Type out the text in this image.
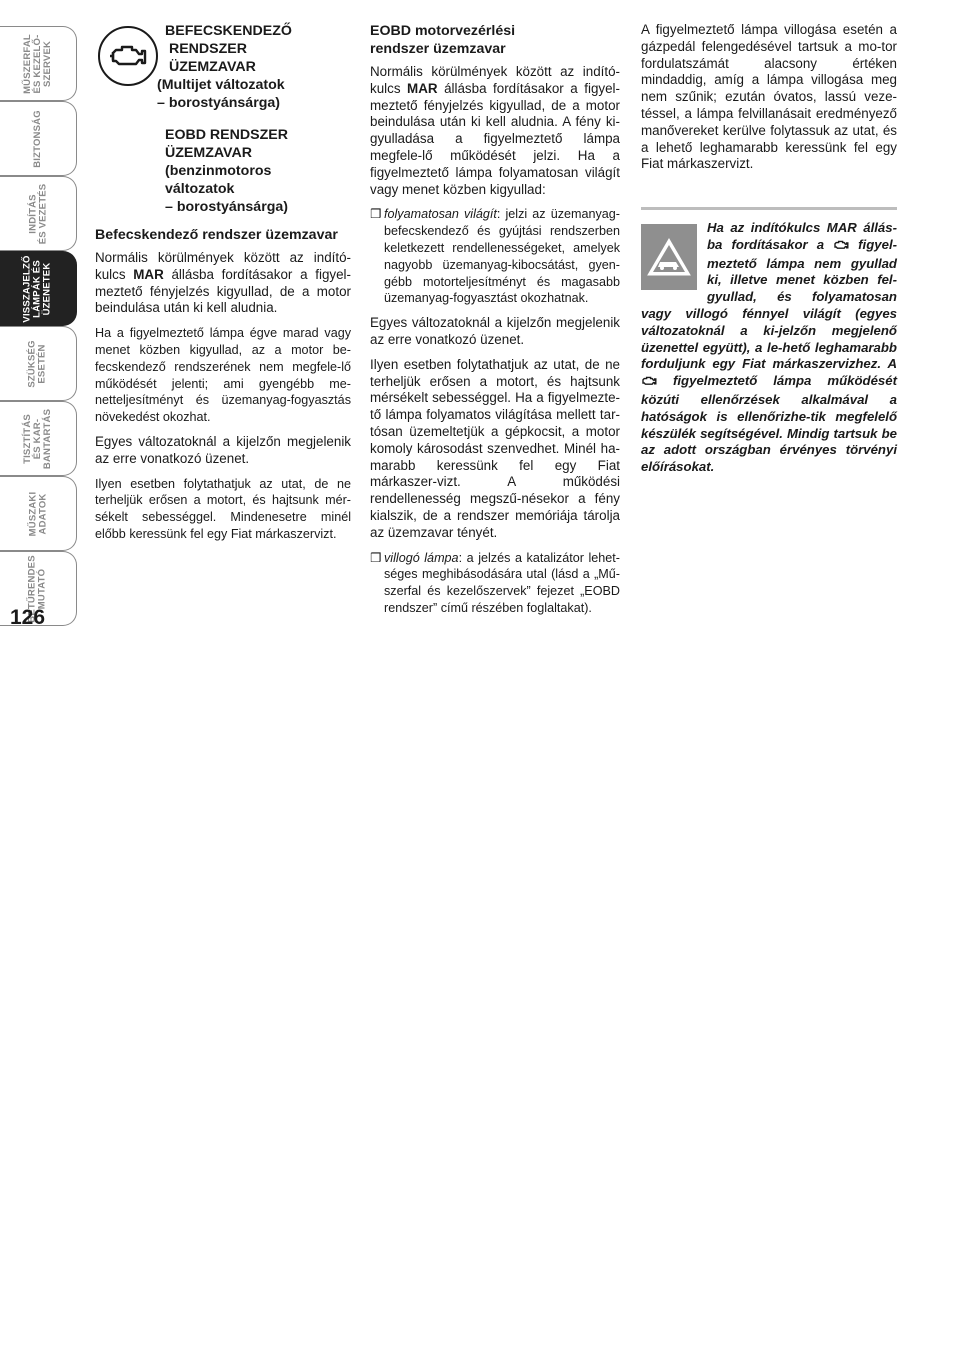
MŰSZERFAL
ÉS KEZELŐ-
SZERVEK
BIZTONSÁG
INDÍTÁS
ÉS VEZETÉS
VISSZAJELZŐ
LÁMPÁK ÉS
ÜZENETEK
SZÜKSÉG
ESETÉN
TISZTÍTÁS
ÉS KAR-
BANTARTÁS
MŰSZAKI
ADATOK
BETŰRENDES
MUTATÓ
126
BEFECSKENDEZŐ
RENDSZER
ÜZEMZAVAR
(Multijet változatok
– borostyánsárga)
EOBD RENDSZER
ÜZEMZAVAR
(benzinmotoros
változatok
– borostyánsárga)
Befecskendező rendszer üzemzavar

Normális körülmények között az indító-kulcs MAR állásba fordításakor a figyel-meztető fényjelzés kigyullad, de a motor beindulása után ki kell aludnia.

Ha a figyelmeztető lámpa égve marad vagy menet közben kigyullad, az a motor be-fecskendező rendszerének nem megfele-lő működését jelenti; ami gyengébb me-netteljesítményt és üzemanyag-fogyasztás növekedést okozhat.

Egyes változatoknál a kijelzőn megjelenik az erre vonatkozó üzenet.

Ilyen esetben folytathatjuk az utat, de ne terheljük erősen a motort, és hajtsunk mér-sékelt sebességgel. Mindenesetre minél előbb keressünk fel egy Fiat márkaszervizt.

EOBD motorvezérlési
rendszer üzemzavar

Normális körülmények között az indító-kulcs MAR állásba fordításakor a figyel-meztető fényjelzés kigyullad, de a motor beindulása után ki kell aludnia. A fény ki-gyulladása a figyelmeztető lámpa megfele-lő működését jelzi. Ha a figyelmeztető lámpa folyamatosan világít vagy menet közben kigyullad:

❒ folyamatosan világít: jelzi az üzemanyag-befecskendező és gyújtási rendszerben keletkezett rendellenességeket, amelyek nagyobb üzemanyag-kibocsátást, gyen-gébb motorteljesítményt és magasabb üzemanyag-fogyasztást okozhatnak.

Egyes változatoknál a kijelzőn megjelenik az erre vonatkozó üzenet.

Ilyen esetben folytathatjuk az utat, de ne terheljük erősen a motort, és hajtsunk mérsékelt sebességgel. Ha a figyelmezte-tő lámpa folyamatos világítása mellett tar-tósan üzemeltetjük a gépkocsit, a motor komoly károsodást szenvedhet. Minél ha-marabb keressünk fel egy Fiat márkaszer-vizt. A működési rendellenesség megszű-nésekor a fény kialszik, de a rendszer memóriája tárolja az üzemzavar tényét.

❒ villogó lámpa: a jelzés a katalizátor lehet-séges meghibásodására utal (lásd a „Mű-szerfal és kezelőszervek” fejezet „EOBD rendszer” című részében foglaltakat).

A figyelmeztető lámpa villogása esetén a gázpedál felengedésével tartsuk a mo-tor fordulatszámát alacsony értéken mindaddig, amíg a lámpa villogása meg nem szűnik; ezután óvatos, lassú veze-téssel, a lámpa felvillanásait eredményező manővereket kerülve folytassuk az utat, és a lehető leghamarabb keressünk fel egy Fiat márkaszervizt.

Ha az indítókulcs MAR állás-ba fordításakor a  figyel-meztető lámpa nem gyullad ki, illetve menet közben fel-gyullad, és folyamatosan vagy villogó fénnyel világít (egyes változatoknál a ki-jelzőn megjelenő üzenettel együtt), a le-hető leghamarabb forduljunk egy Fiat márkaszervizhez. A  figyelmeztető lámpa működését közúti ellenőrzések alkalmával a hatóságok is ellenőrizhe-tik megfelelő készülék segítségével. Mindig tartsuk be az adott országban érvényes törvényi előírásokat.
